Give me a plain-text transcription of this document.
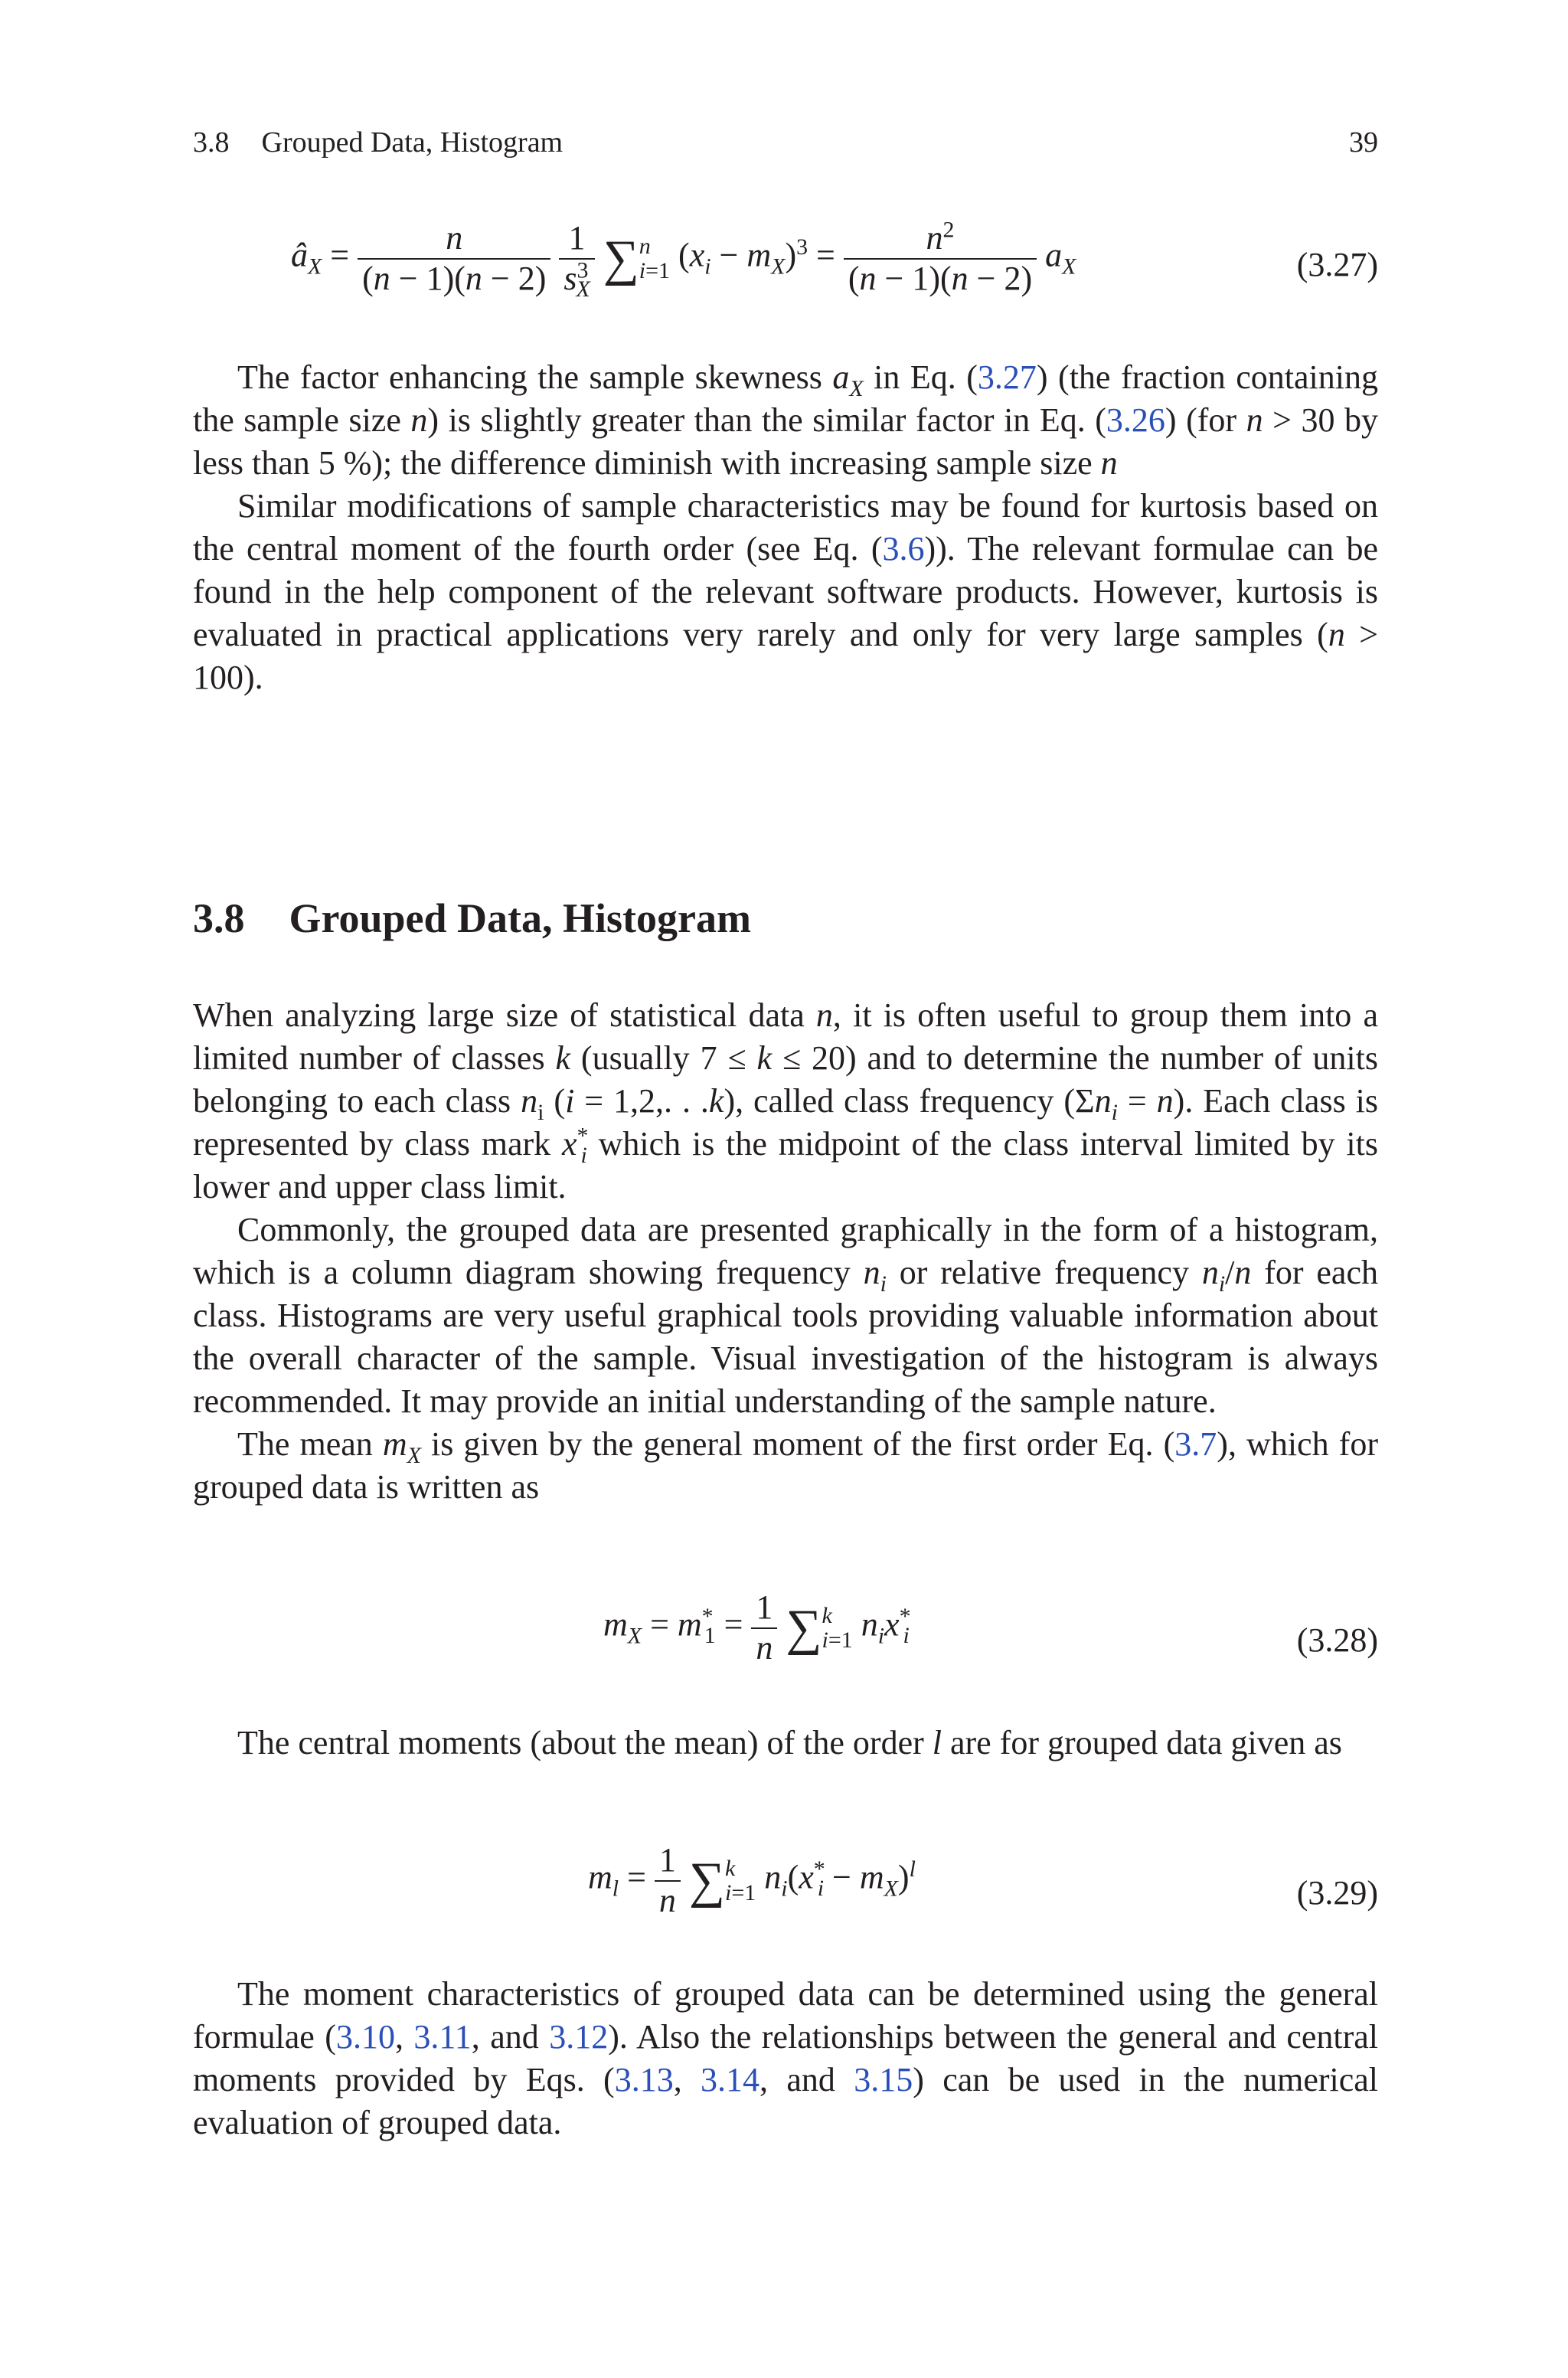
3.8 Grouped Data, Histogram	39
$â_X = \frac{n}{(n - 1)(n - 2)}$
$\frac{1}{s^3_X}$ ∑ n
i=1 $(x_i - m_X)^3 = \frac{n^2}{(n - 1)(n - 2)} a_X$	(3.27)

The factor enhancing the sample skewness $a_X$ in Eq. (3.27) (the fraction containing the sample size n) is slightly greater than the similar factor in Eq. (3.26) (for n > 30 by less than 5 %); the difference diminish with increasing sample size n

Similar modifications of sample characteristics may be found for kurtosis based on the central moment of the fourth order (see Eq. (3.6)). The relevant formulae can be found in the help component of the relevant software products. However, kurtosis is evaluated in practical applications very rarely and only for very large samples (n > 100).

3.8 Grouped Data, Histogram

When analyzing large size of statistical data n, it is often useful to group them into a limited number of classes k (usually 7 ≤ k ≤ 20) and to determine the number of units belonging to each class $n_i$ (i = 1,2,. . .k), called class frequency $(\Sigma n_i = n)$. Each class is represented by class mark $x^*_i$ which is the midpoint of the class interval limited by its lower and upper class limit.

Commonly, the grouped data are presented graphically in the form of a histogram, which is a column diagram showing frequency $n_i$ or relative frequency $n_i/n$ for each class. Histograms are very useful graphical tools providing valuable information about the overall character of the sample. Visual investigation of the histogram is always recommended. It may provide an initial understanding of the sample nature.

The mean $m_X$ is given by the general moment of the first order Eq. (3.7), which for grouped data is written as

$m_X = m^*_1 = \frac{1}{n}$ ∑ k
i=1 $n_ix^*_i$	(3.28)

The central moments (about the mean) of the order l are for grouped data given as

$m_l = \frac{1}{n}$ ∑ k
i=1 $n_i(x^*_i - m_X)^l$
(3.29)

The moment characteristics of grouped data can be determined using the general formulae (3.10, 3.11, and 3.12). Also the relationships between the general and central moments provided by Eqs. (3.13, 3.14, and 3.15) can be used in the numerical evaluation of grouped data.
